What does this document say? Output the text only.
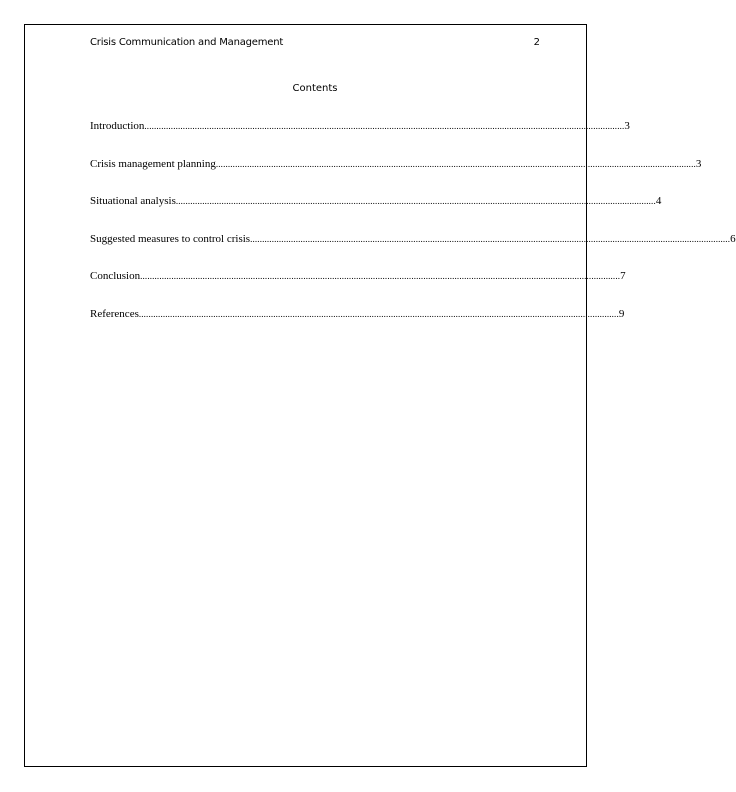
Crisis Communication and Management	2
Contents
Introduction ........................................................................................................................................................................................................ 3
Crisis management planning ........................................................................................................................................................................................................ 3
Situational analysis ........................................................................................................................................................................................................ 4
Suggested measures to control crisis ........................................................................................................................................................................................................ 6
Conclusion ........................................................................................................................................................................................................ 7
References ........................................................................................................................................................................................................ 9
